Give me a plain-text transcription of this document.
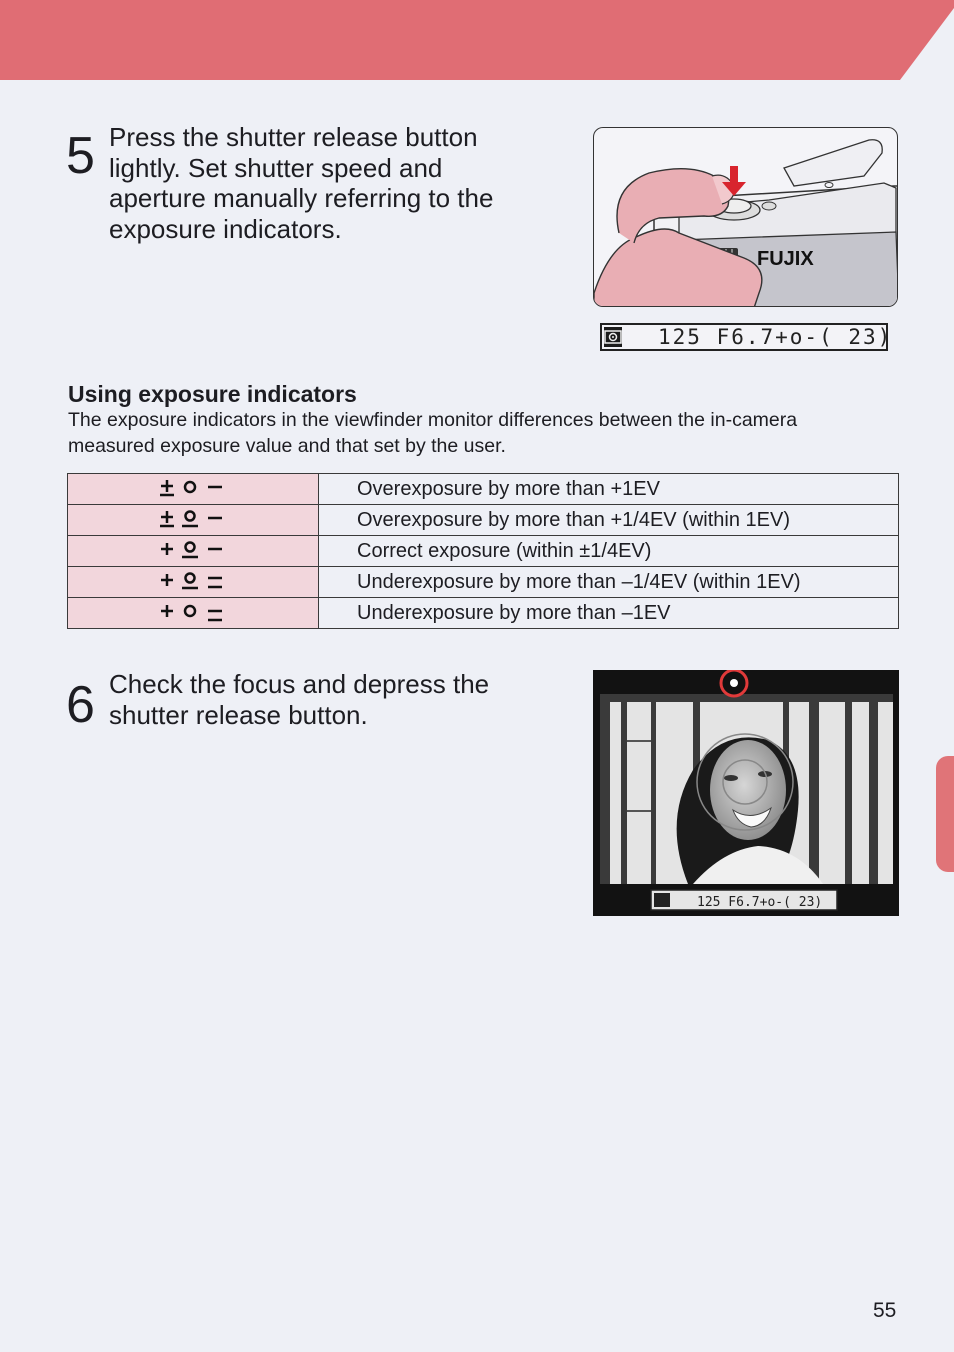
5 Press the shutter release button
lightly. Set shutter speed and
aperture manually referring to the
exposure indicators.
FUJIX
125 F6.7+o-( 23)
Using exposure indicators
The exposure indicators in the viewfinder monitor differences between the in-camera measured exposure value and that set by the user.
	Overexposure by more than +1EV
	Overexposure by more than +1/4EV (within 1EV)
	Correct exposure (within ±1/4EV)
	Underexposure by more than –1/4EV (within 1EV)
	Underexposure by more than –1EV
6 Check the focus and depress the
shutter release button.
125 F6.7+o-( 23)
55
